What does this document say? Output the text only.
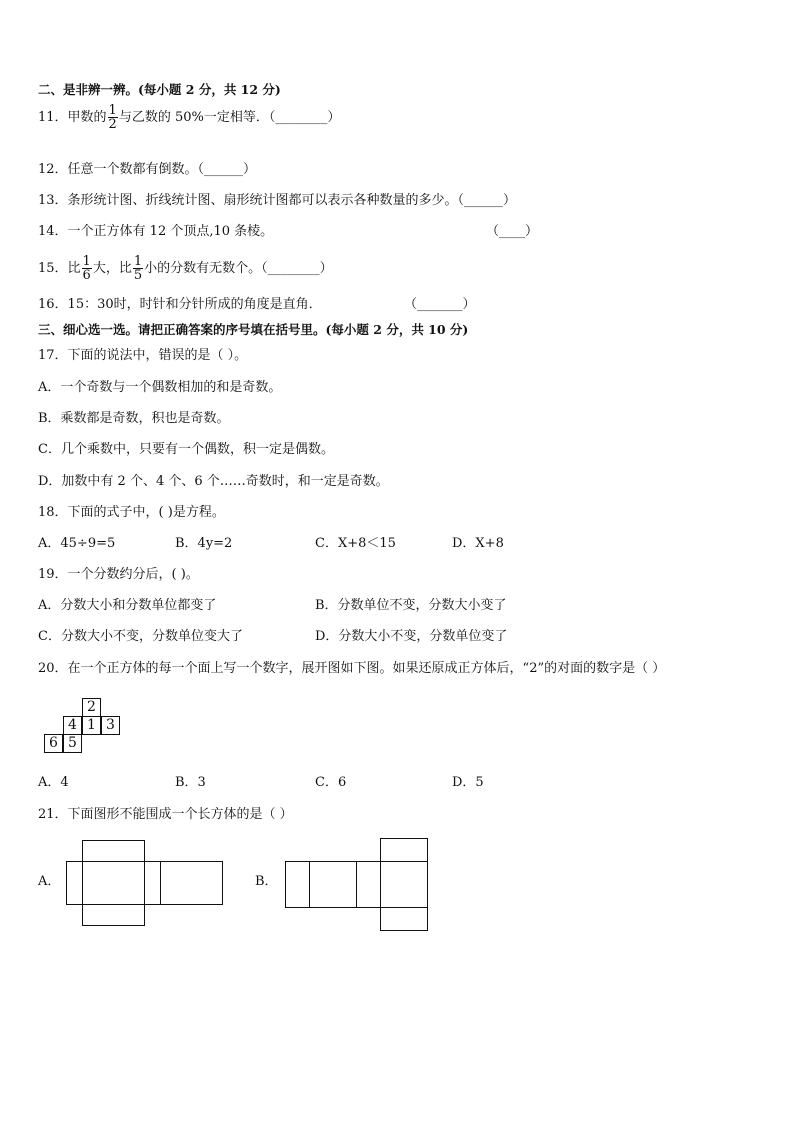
二、是非辨一辨。(每小题 2 分，共 12 分)
11．甲数的 $\frac{1}{2}$ 与乙数的 50%一定相等．（________）
12．任意一个数都有倒数。（______）
13．条形统计图、折线统计图、扇形统计图都可以表示各种数量的多少。（______）
14．一个正方体有 12 个顶点,10 条棱。	（____）
15．比 $\frac{1}{6}$ 大，比 $\frac{1}{5}$ 小的分数有无数个。（________）
16．15：30时，时针和分针所成的角度是直角．	（_______）
三、细心选一选。请把正确答案的序号填在括号里。(每小题 2 分，共 10 分)
17．下面的说法中，错误的是（ ）。
A．一个奇数与一个偶数相加的和是奇数。
B．乘数都是奇数，积也是奇数。
C．几个乘数中，只要有一个偶数，积一定是偶数。
D．加数中有 2 个、4 个、6 个……奇数时，和一定是奇数。
18．下面的式子中，( )是方程。
A．45÷9=5	B．4y=2	C．X+8＜15	D．X+8
19．一个分数约分后，( )。
A．分数大小和分数单位都变了	B．分数单位不变，分数大小变了
C．分数大小不变，分数单位变大了	D．分数大小不变，分数单位变了
20．在一个正方体的每一个面上写一个数字，展开图如下图。如果还原成正方体后，“2”的对面的数字是（ ）
2
4 1 3
6 5
A．4	B．3	C．6	D．5
21．下面图形不能围成一个长方体的是（ ）
A．	B．
